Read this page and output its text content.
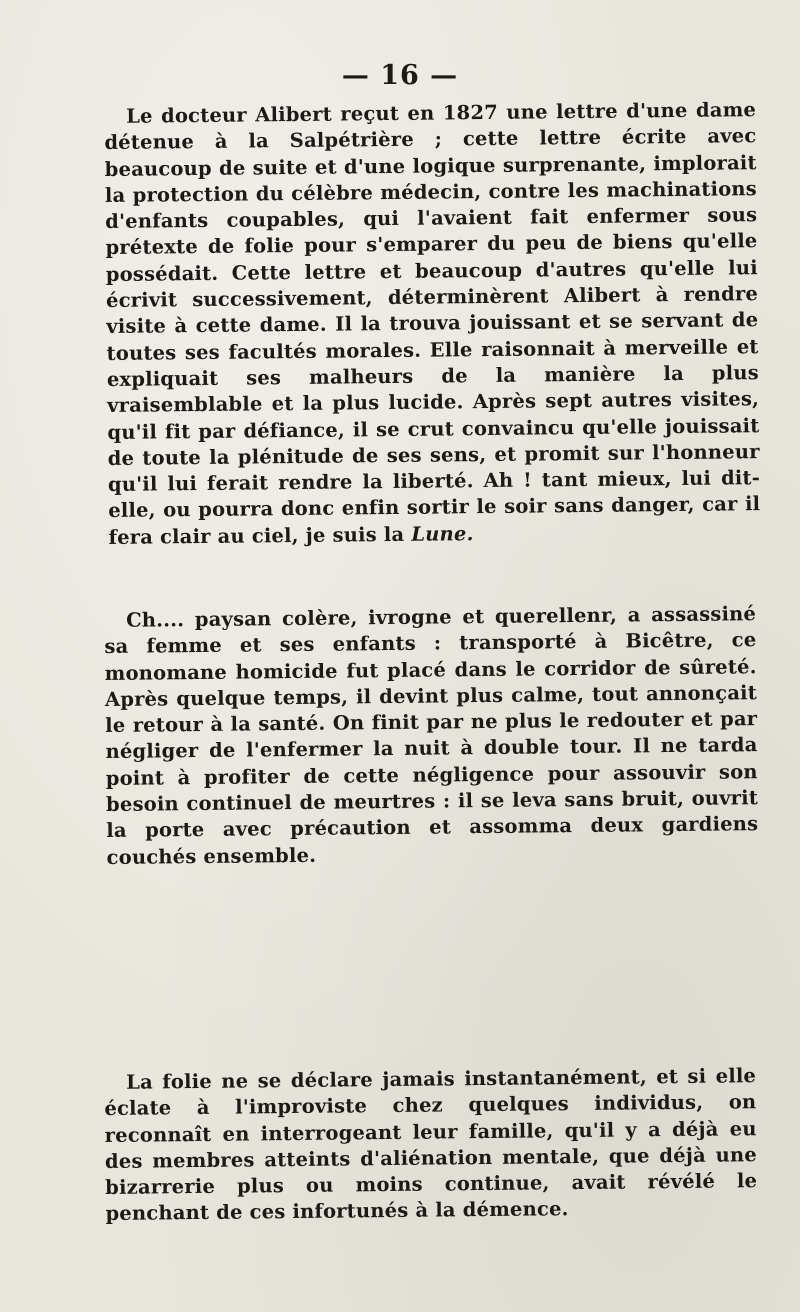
— 16 —

Le docteur Alibert reçut en 1827 une lettre d'une dame détenue à la Salpétrière ; cette lettre écrite avec beaucoup de suite et d'une logique surprenante, implorait la protection du célèbre médecin, contre les machinations d'enfants coupables, qui l'avaient fait enfermer sous prétexte de folie pour s'emparer du peu de biens qu'elle possédait. Cette lettre et beaucoup d'autres qu'elle lui écrivit successivement, déterminèrent Alibert à rendre visite à cette dame. Il la trouva jouissant et se servant de toutes ses facultés morales. Elle raisonnait à merveille et expliquait ses malheurs de la manière la plus vraisemblable et la plus lucide. Après sept autres visites, qu'il fit par défiance, il se crut convaincu qu'elle jouissait de toute la plénitude de ses sens, et promit sur l'honneur qu'il lui ferait rendre la liberté. Ah ! tant mieux, lui dit-elle, ou pourra donc enfin sortir le soir sans danger, car il fera clair au ciel, je suis la Lune.

Ch.... paysan colère, ivrogne et querellenr, a assassiné sa femme et ses enfants : transporté à Bicêtre, ce monomane homicide fut placé dans le corridor de sûreté. Après quelque temps, il devint plus calme, tout annonçait le retour à la santé. On finit par ne plus le redouter et par négliger de l'enfermer la nuit à double tour. Il ne tarda point à profiter de cette négligence pour assouvir son besoin continuel de meurtres : il se leva sans bruit, ouvrit la porte avec précaution et assomma deux gardiens couchés ensemble.

La folie ne se déclare jamais instantanément, et si elle éclate à l'improviste chez quelques individus, on reconnaît en interrogeant leur famille, qu'il y a déjà eu des membres atteints d'aliénation mentale, que déjà une bizarrerie plus ou moins continue, avait révélé le penchant de ces infortunés à la démence.
